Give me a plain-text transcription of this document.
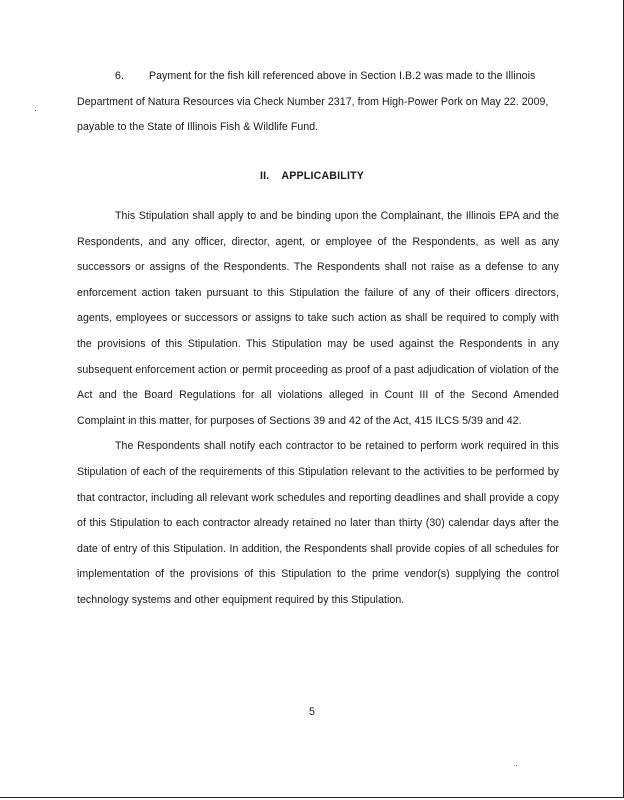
6. Payment for the fish kill referenced above in Section I.B.2 was made to the Illinois Department of Natura Resources via Check Number 2317, from High-Power Pork on May 22. 2009, payable to the State of Illinois Fish & Wildlife Fund.

II. APPLICABILITY

This Stipulation shall apply to and be binding upon the Complainant, the Illinois EPA and the Respondents, and any officer, director, agent, or employee of the Respondents, as well as any successors or assigns of the Respondents. The Respondents shall not raise as a defense to any enforcement action taken pursuant to this Stipulation the failure of any of their officers directors, agents, employees or successors or assigns to take such action as shall be required to comply with the provisions of this Stipulation. This Stipulation may be used against the Respondents in any subsequent enforcement action or permit proceeding as proof of a past adjudication of violation of the Act and the Board Regulations for all violations alleged in Count III of the Second Amended Complaint in this matter, for purposes of Sections 39 and 42 of the Act, 415 ILCS 5/39 and 42.

The Respondents shall notify each contractor to be retained to perform work required in this Stipulation of each of the requirements of this Stipulation relevant to the activities to be performed by that contractor, including all relevant work schedules and reporting deadlines and shall provide a copy of this Stipulation to each contractor already retained no later than thirty (30) calendar days after the date of entry of this Stipulation. In addition, the Respondents shall provide copies of all schedules for implementation of the provisions of this Stipulation to the prime vendor(s) supplying the control technology systems and other equipment required by this Stipulation.

5
